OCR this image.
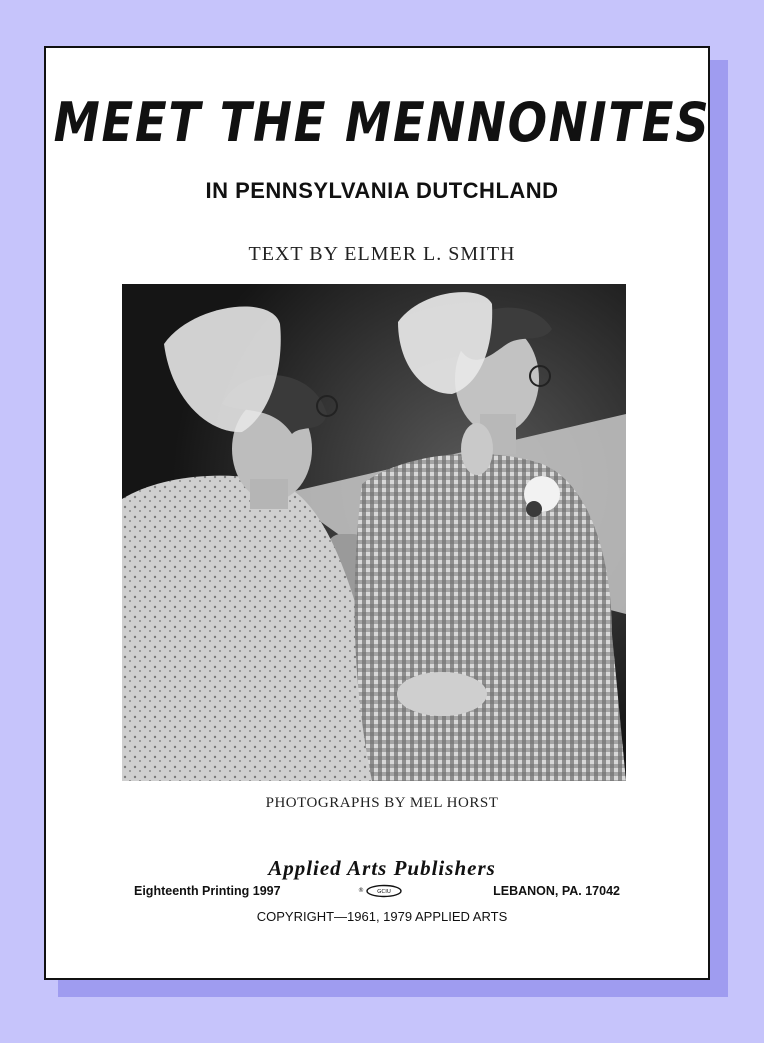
MEET THE MENNONITES
IN PENNSYLVANIA DUTCHLAND
TEXT BY ELMER L. SMITH
PHOTOGRAPHS BY MEL HORST
Applied Arts Publishers
Eighteenth Printing 1997	® GCIU	LEBANON, PA. 17042
COPYRIGHT—1961, 1979 APPLIED ARTS
